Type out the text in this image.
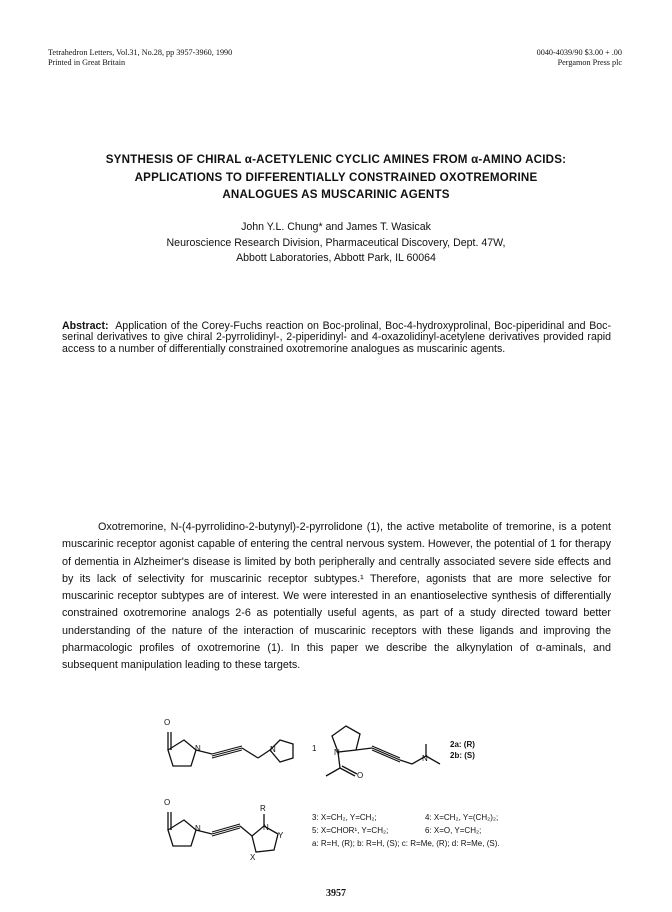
Tetrahedron Letters, Vol.31, No.28, pp 3957-3960, 1990
Printed in Great Britain
0040-4039/90 $3.00 + .00
Pergamon Press plc
SYNTHESIS OF CHIRAL α-ACETYLENIC CYCLIC AMINES FROM α-AMINO ACIDS:
APPLICATIONS TO DIFFERENTIALLY CONSTRAINED OXOTREMORINE
ANALOGUES AS MUSCARINIC AGENTS
John Y.L. Chung* and James T. Wasicak
Neuroscience Research Division, Pharmaceutical Discovery, Dept. 47W,
Abbott Laboratories, Abbott Park, IL 60064
Abstract: Application of the Corey-Fuchs reaction on Boc-prolinal, Boc-4-hydroxyprolinal, Boc-piperidinal and Boc-serinal derivatives to give chiral 2-pyrrolidinyl-, 2-piperidinyl- and 4-oxazolidinyl-acetylene derivatives provided rapid access to a number of differentially constrained oxotremorine analogues as muscarinic agents.

Oxotremorine, N-(4-pyrrolidino-2-butynyl)-2-pyrrolidone (1), the active metabolite of tremorine, is a potent muscarinic receptor agonist capable of entering the central nervous system. However, the potential of 1 for therapy of dementia in Alzheimer's disease is limited by both peripherally and centrally associated severe side effects and by its lack of selectivity for muscarinic receptor subtypes.¹ Therefore, agonists that are more selective for muscarinic receptor subtypes are of interest. We were interested in an enantioselective synthesis of differentially constrained oxotremorine analogs 2-6 as potentially useful agents, as part of a study directed toward better understanding of the nature of the interaction of muscarinic receptors with these ligands and improving the pharmacologic profiles of oxotremorine (1). In this paper we describe the alkynylation of α-aminals, and subsequent manipulation leading to these targets.

O
N	N	1 N
O
N
2a: (R)
2b: (S)
O
N
R
N
Y
X
3: X=CH₂, Y=CH₂;	4: X=CH₂, Y=(CH₂)₂;
5: X=CHOR¹, Y=CH₂;	6: X=O, Y=CH₂;
a: R=H, (R); b: R=H, (S); c: R=Me, (R); d: R=Me, (S).
3957
